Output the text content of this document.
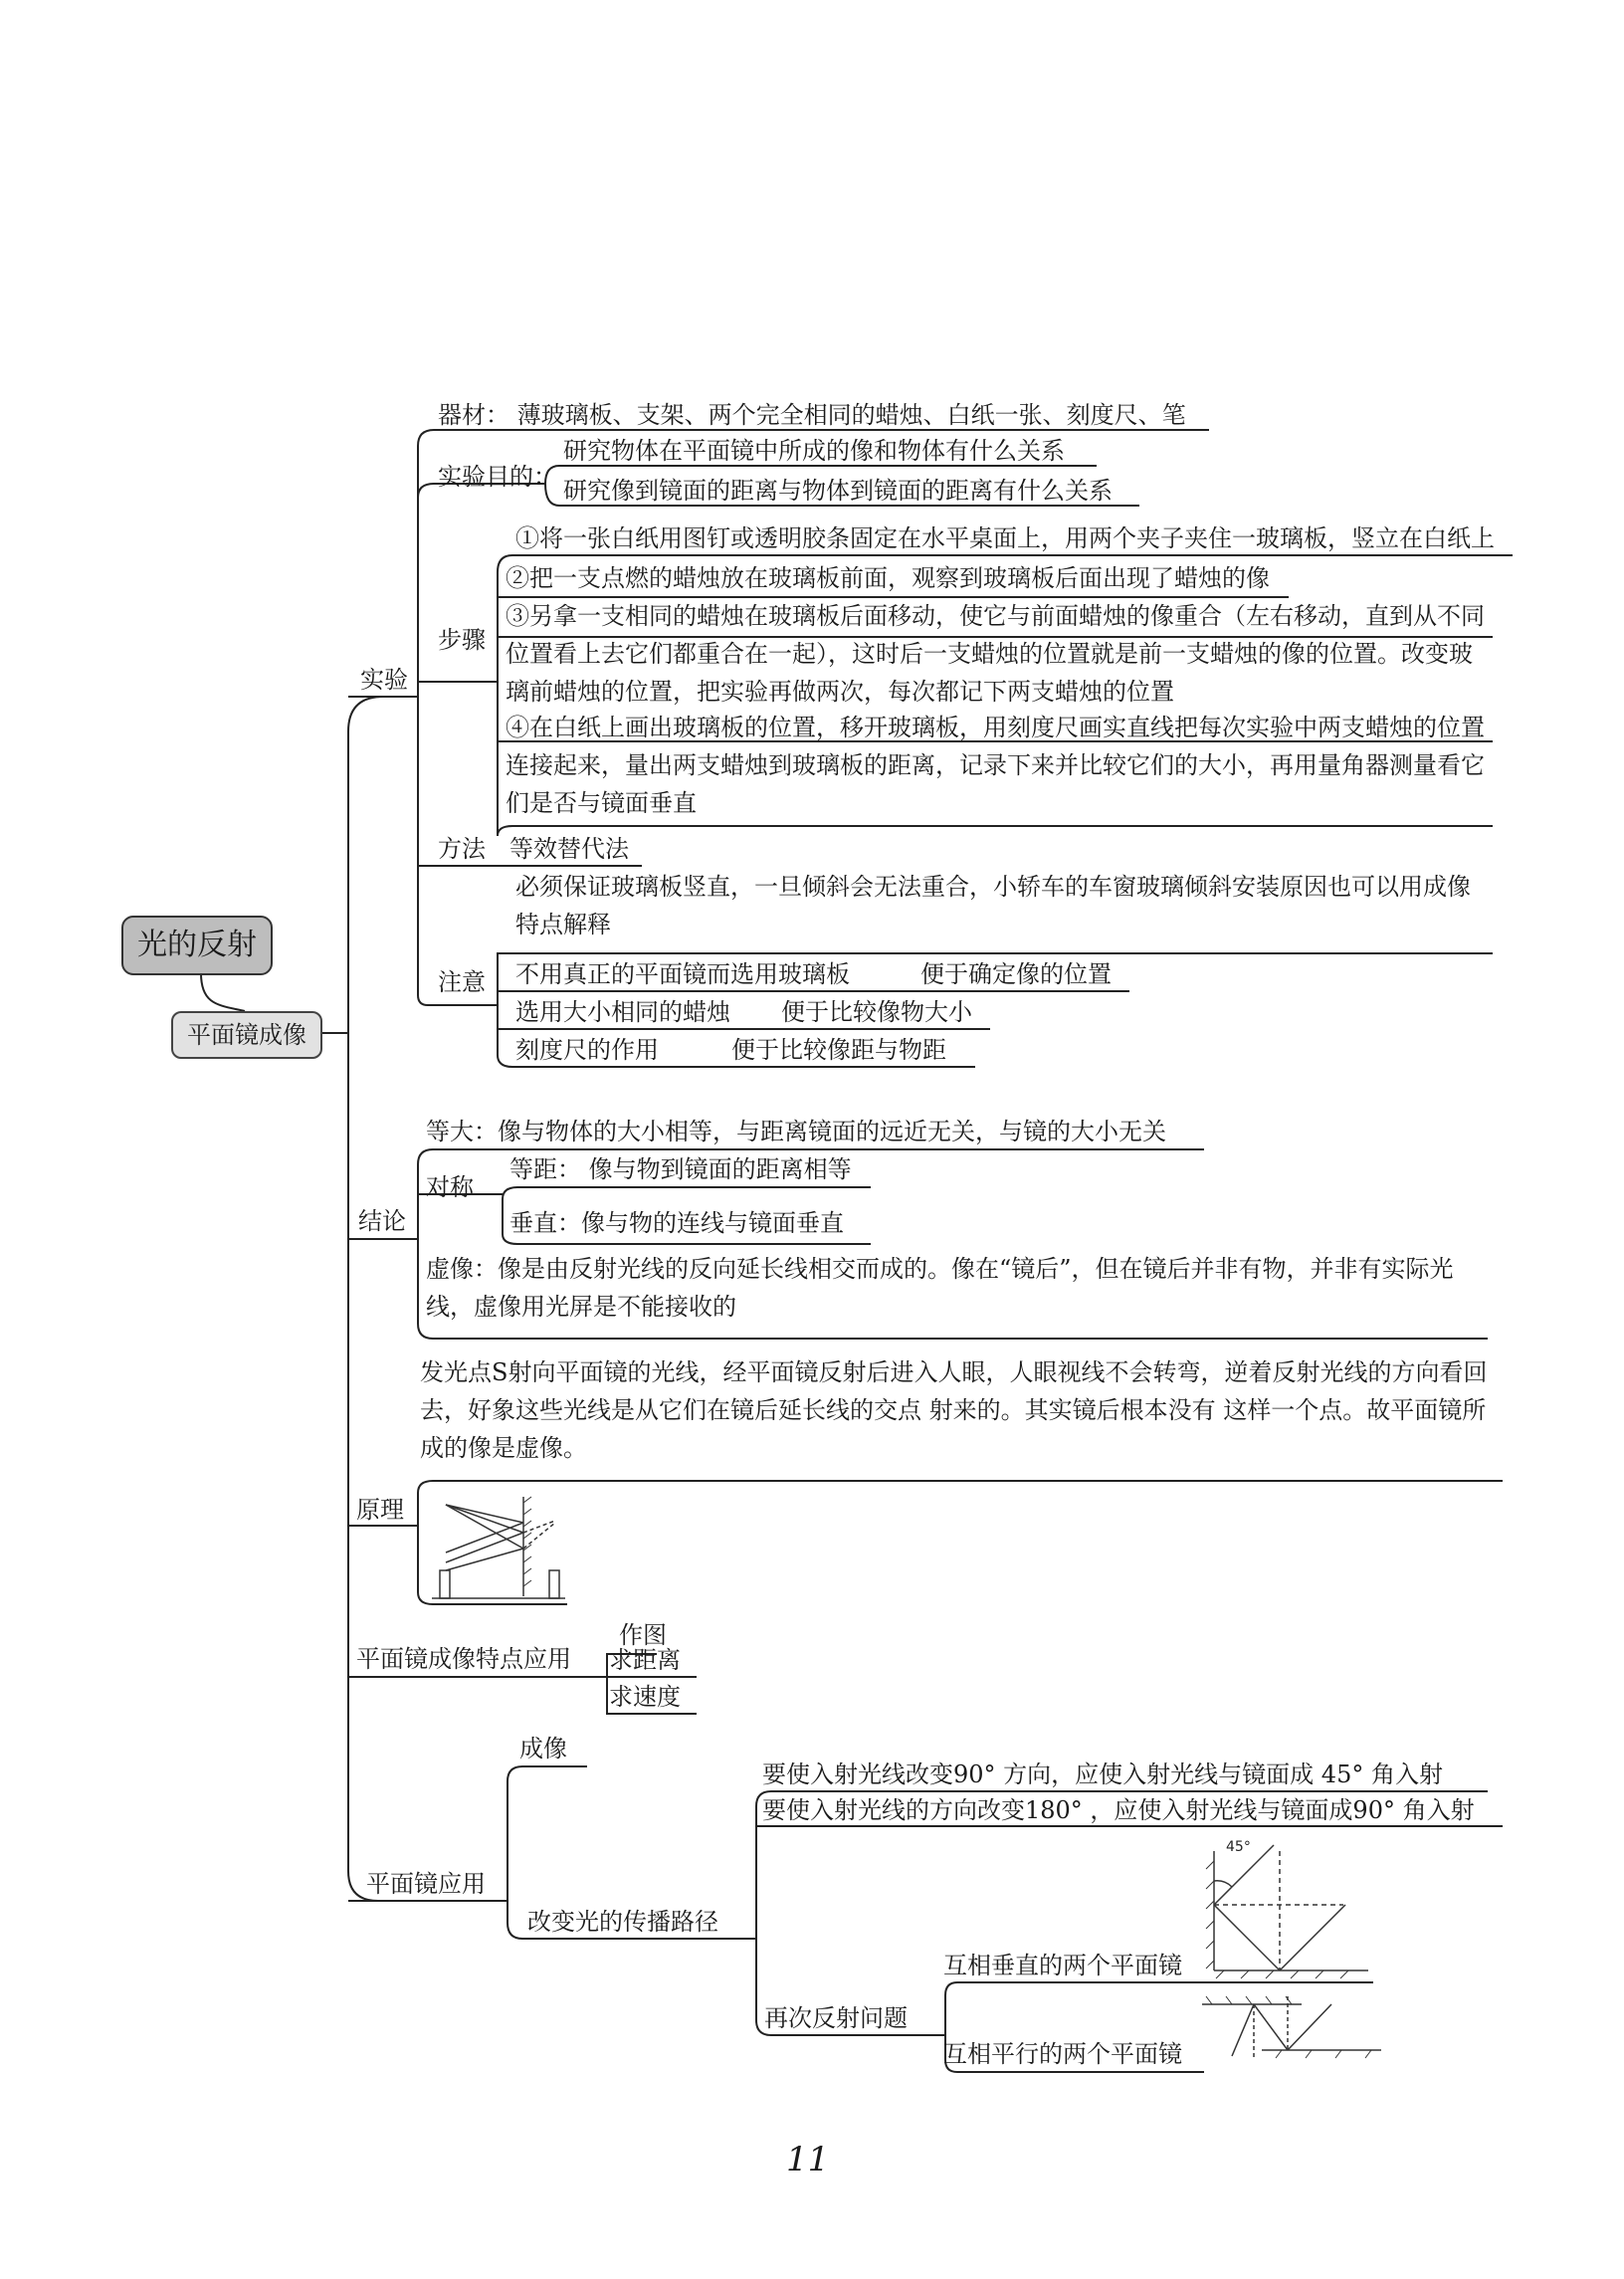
光的反射
平面镜成像
实验
器材： 薄玻璃板、支架、两个完全相同的蜡烛、白纸一张、刻度尺、笔
实验目的：
研究物体在平面镜中所成的像和物体有什么关系
研究像到镜面的距离与物体到镜面的距离有什么关系
步骤
①将一张白纸用图钉或透明胶条固定在水平桌面上，用两个夹子夹住一玻璃板，竖立在白纸上
②把一支点燃的蜡烛放在玻璃板前面，观察到玻璃板后面出现了蜡烛的像
③另拿一支相同的蜡烛在玻璃板后面移动，使它与前面蜡烛的像重合（左右移动，直到从不同位置看上去它们都重合在一起），这时后一支蜡烛的位置就是前一支蜡烛的像的位置。改变玻璃前蜡烛的位置，把实验再做两次，每次都记下两支蜡烛的位置
④在白纸上画出玻璃板的位置，移开玻璃板，用刻度尺画实直线把每次实验中两支蜡烛的位置连接起来，量出两支蜡烛到玻璃板的距离，记录下来并比较它们的大小，再用量角器测量看它们是否与镜面垂直
方法 等效替代法
注意
必须保证玻璃板竖直，一旦倾斜会无法重合，小轿车的车窗玻璃倾斜安装原因也可以用成像特点解释
不用真正的平面镜而选用玻璃板	便于确定像的位置
选用大小相同的蜡烛 便于比较像物大小
刻度尺的作用	便于比较像距与物距
结论
等大：像与物体的大小相等，与距离镜面的远近无关，与镜的大小无关
对称
等距： 像与物到镜面的距离相等
垂直：像与物的连线与镜面垂直
虚像：像是由反射光线的反向延长线相交而成的。像在“镜后”，但在镜后并非有物，并非有实际光线，虚像用光屏是不能接收的
原理
发光点S射向平面镜的光线，经平面镜反射后进入人眼，人眼视线不会转弯，逆着反射光线的方向看回去，好象这些光线是从它们在镜后延长线的交点 射来的。其实镜后根本没有 这样一个点。故平面镜所成的像是虚像。
平面镜成像特点应用
作图
求距离
求速度
平面镜应用
成像
改变光的传播路径
要使入射光线改变90° 方向，应使入射光线与镜面成 45° 角入射
要使入射光线的方向改变180° ，应使入射光线与镜面成90° 角入射
再次反射问题
互相垂直的两个平面镜
互相平行的两个平面镜
45°
11
